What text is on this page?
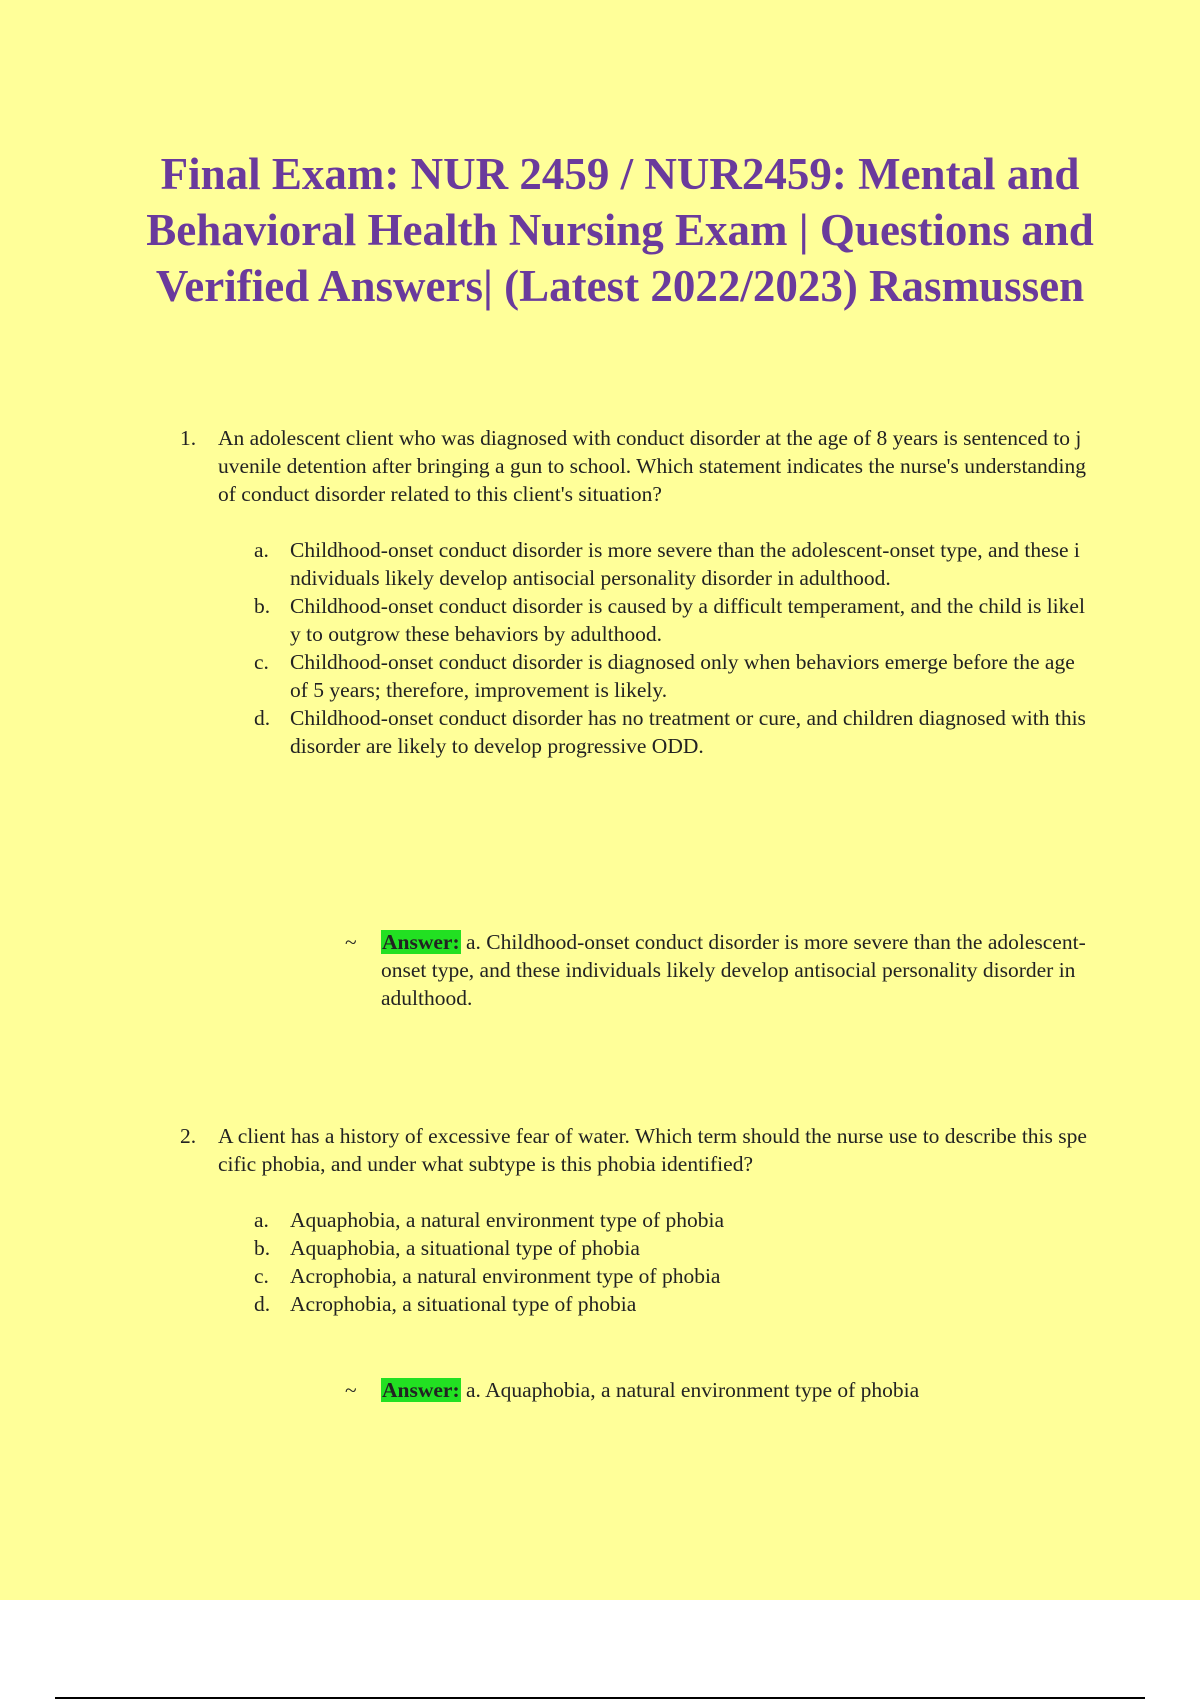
Final Exam: NUR 2459 / NUR2459: Mental and Behavioral Health Nursing Exam | Questions and Verified Answers| (Latest 2022/2023) Rasmussen
1. An adolescent client who was diagnosed with conduct disorder at the age of 8 years is sentenced to juvenile detention after bringing a gun to school. Which statement indicates the nurse's understanding of conduct disorder related to this client's situation?
a. Childhood-onset conduct disorder is more severe than the adolescent-onset type, and these individuals likely develop antisocial personality disorder in adulthood.
b. Childhood-onset conduct disorder is caused by a difficult temperament, and the child is likely to outgrow these behaviors by adulthood.
c. Childhood-onset conduct disorder is diagnosed only when behaviors emerge before the age of 5 years; therefore, improvement is likely.
d. Childhood-onset conduct disorder has no treatment or cure, and children diagnosed with this disorder are likely to develop progressive ODD.
~ Answer: a. Childhood-onset conduct disorder is more severe than the adolescent-onset type, and these individuals likely develop antisocial personality disorder in adulthood.
2. A client has a history of excessive fear of water. Which term should the nurse use to describe this specific phobia, and under what subtype is this phobia identified?
a. Aquaphobia, a natural environment type of phobia
b. Aquaphobia, a situational type of phobia
c. Acrophobia, a natural environment type of phobia
d. Acrophobia, a situational type of phobia
~ Answer: a. Aquaphobia, a natural environment type of phobia
